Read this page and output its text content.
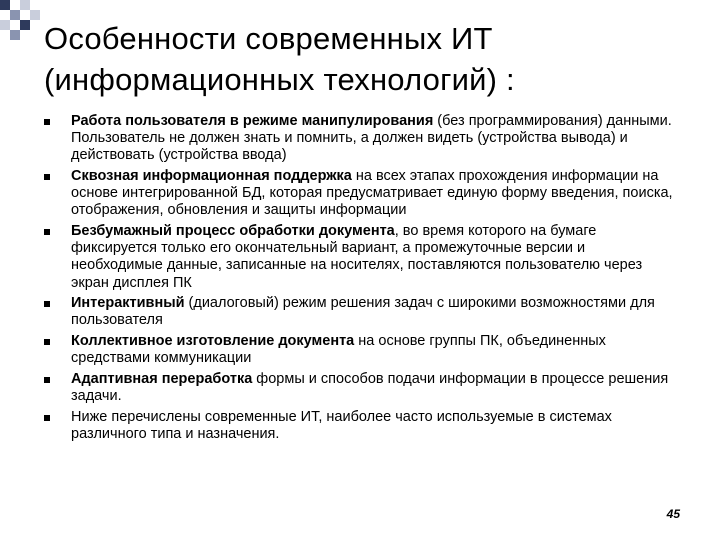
Особенности современных ИТ
(информационных технологий) :
Работа пользователя в режиме манипулирования (без программирования) данными. Пользователь не должен знать и помнить, а должен видеть (устройства вывода) и действовать (устройства ввода)
Сквозная информационная поддержка на всех этапах прохождения информации на основе интегрированной БД, которая предусматривает единую форму введения, поиска, отображения, обновления и защиты информации
Безбумажный процесс обработки документа, во время которого на бумаге фиксируется только его окончательный вариант, а промежуточные версии и необходимые данные, записанные на носителях, поставляются пользователю через экран дисплея ПК
Интерактивный (диалоговый) режим решения задач с широкими возможностями для пользователя
Коллективное изготовление документа на основе группы ПК, объединенных средствами коммуникации
Адаптивная переработка формы и способов подачи информации в процессе решения задачи.
Ниже перечислены современные ИТ, наиболее часто используемые в системах различного типа и назначения.
45
